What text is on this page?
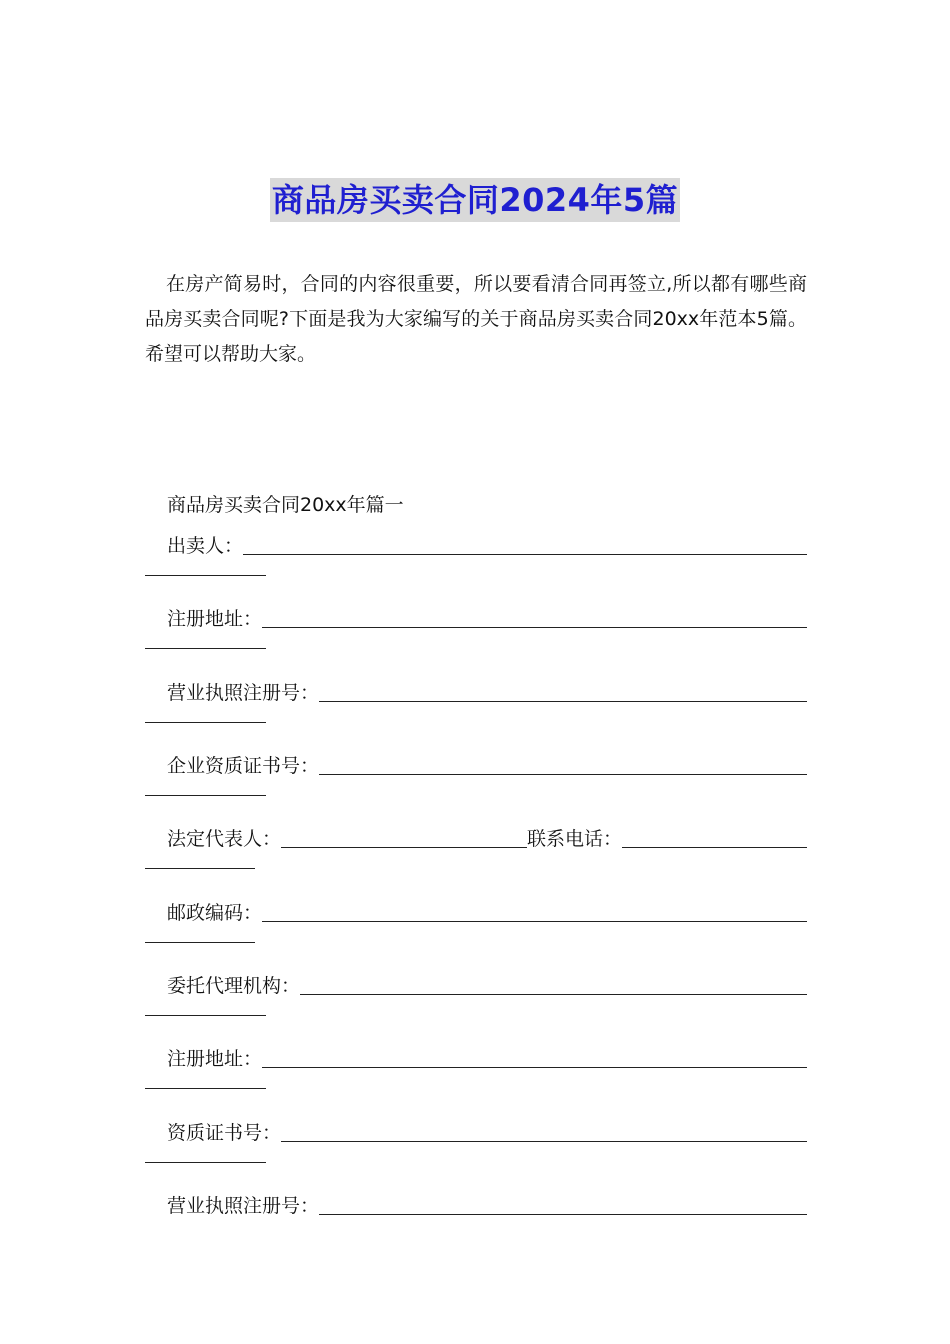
商品房买卖合同2024年5篇

在房产简易时，合同的内容很重要，所以要看清合同再签立,所以都有哪些商品房买卖合同呢?下面是我为大家编写的关于商品房买卖合同20xx年范本5篇。希望可以帮助大家。

商品房买卖合同20xx年篇一

出卖人：
注册地址：
营业执照注册号：
企业资质证书号：
法定代表人：	联系电话：
邮政编码：
委托代理机构：
注册地址：
资质证书号：
营业执照注册号：
